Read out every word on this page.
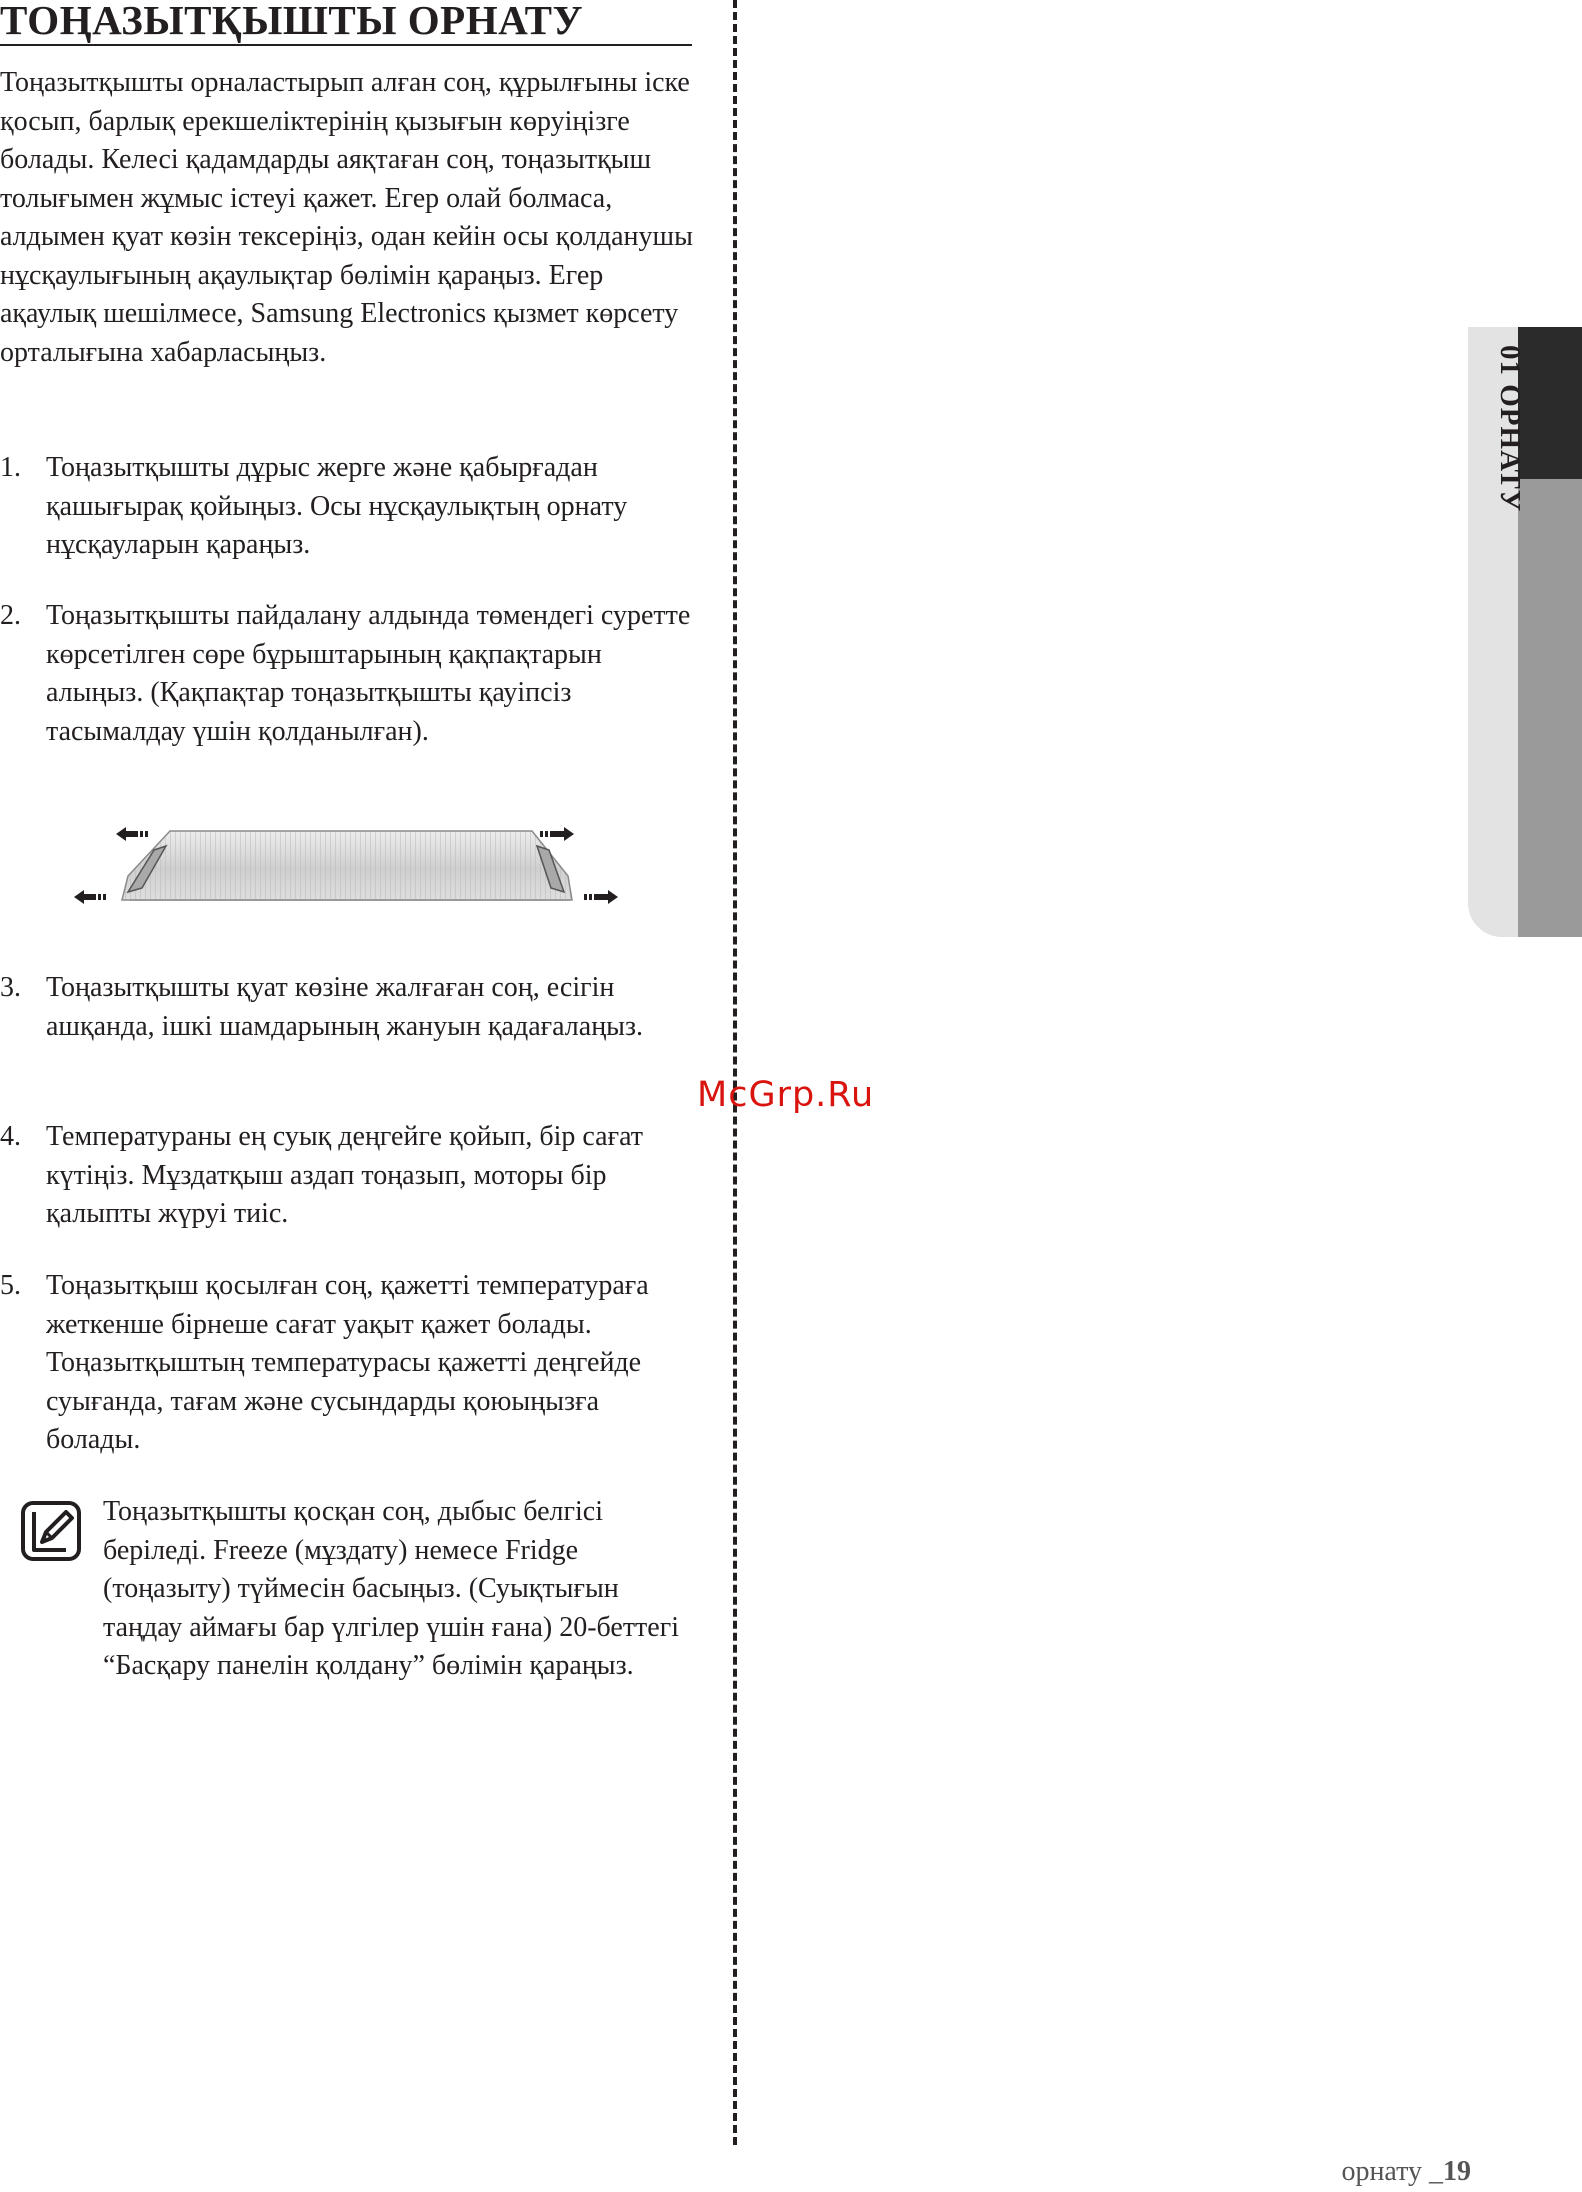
ТОҢАЗЫТҚЫШТЫ ОРНАТУ

Тоңазытқышты орналастырып алған соң, құрылғыны іске қосып, барлық ерекшеліктерінің қызығын көруіңізге болады. Келесі қадамдарды аяқтаған соң, тоңазытқыш толығымен жұмыс істеуі қажет. Егер олай болмаса, алдымен қуат көзін тексеріңіз, одан кейін осы қолданушы нұсқаулығының ақаулықтар бөлімін қараңыз. Егер ақаулық шешілмесе, Samsung Electronics қызмет көрсету орталығына хабарласыңыз.

1. Тоңазытқышты дұрыс жерге және қабырғадан қашығырақ қойыңыз. Осы нұсқаулықтың орнату нұсқауларын қараңыз.
2. Тоңазытқышты пайдалану алдында төмендегі суретте көрсетілген сөре бұрыштарының қақпақтарын алыңыз. (Қақпақтар тоңазытқышты қауіпсіз тасымалдау үшін қолданылған).
3. Тоңазытқышты қуат көзіне жалғаған соң, есігін ашқанда, ішкі шамдарының жануын қадағалаңыз.
4. Температураны ең суық деңгейге қойып, бір сағат күтіңіз. Мұздатқыш аздап тоңазып, моторы бір қалыпты жүруі тиіс.
5. Тоңазытқыш қосылған соң, қажетті температураға жеткенше бірнеше сағат уақыт қажет болады. Тоңазытқыштың температурасы қажетті деңгейде суығанда, тағам және сусындарды қоюыңызға болады.
Тоңазытқышты қосқан соң, дыбыс белгісі беріледі. Freeze (мұздату) немесе Fridge (тоңазыту) түймесін басыңыз. (Суықтығын таңдау аймағы бар үлгілер үшін ғана) 20-беттегі “Басқару панелін қолдану” бөлімін қараңыз.
01 ОРНАТУ
McGrp.Ru
орнату _19
